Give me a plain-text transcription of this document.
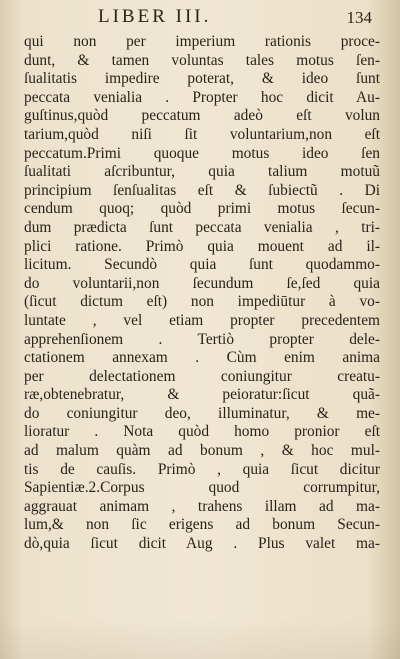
LIBER III.	134
qui non per imperium rationis proce-
dunt, & tamen voluntas tales motus ſen-
ſualitatis impedire poterat, & ideo ſunt
peccata venialia . Propter hoc dicit Au-
guſtinus,quòd peccatum adeò eſt volun
tarium,quòd niſi ſit voluntarium,non eſt
peccatum.Primi quoque motus ideo ſen
ſualitati aſcribuntur, quia talium motuũ
principium ſenſualitas eſt & ſubiectũ . Di
cendum quoq; quòd primi motus ſecun-
dum prædicta ſunt peccata venialia , tri-
plici ratione. Primò quia mouent ad il-
licitum. Secundò quia ſunt quodammo-
do voluntarii,non ſecundum ſe,ſed quia
(ſicut dictum eſt) non impediūtur à vo-
luntate , vel etiam propter precedentem
apprehenſionem . Tertiò propter dele-
ctationem annexam . Cùm enim anima
per delectationem coniungitur creatu-
ræ,obtenebratur, & peioratur:ſicut quã-
do coniungitur deo, illuminatur, & me-
lioratur . Nota quòd homo pronior eſt
ad malum quàm ad bonum , & hoc mul-
tis de cauſis. Primò , quia ſicut dicitur
Sapientiæ.2.Corpus quod corrumpitur,
aggrauat animam , trahens illam ad ma-
lum,& non ſic erigens ad bonum Secun-
dò,quia ſicut dicit Aug . Plus valet ma-
